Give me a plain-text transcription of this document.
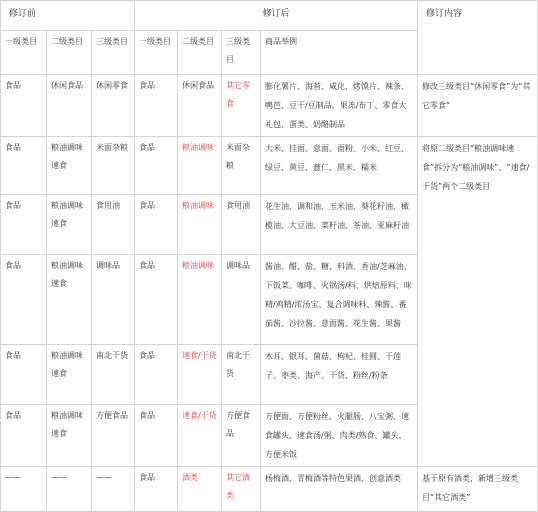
修订前			修订后				修订内容
一级类目	二级类目	三级类目	一级类目	二级类目	三级类目	商品举例	
食品	休闲食品	休闲零食	食品	休闲食品	其它零食	膨化薯片、海苔、咸化、烤馍片、辣条、鸭芭、豆干/豆制品、果冻/布丁、零食大礼包、蛋类、奶酪制品	修改三级类目“休闲零食”为“其它零食”
食品	粮油调味速食	米面杂粮	食品	粮油调味	米面杂粮	大米、挂面、意面、面粉、小米、红豆、绿豆、黄豆、薏仁、黑米、糯米	将原二级类目“粮油调味速食”拆分为“粮油调味”、“速食/干货”两个二级类目
食品	粮油调味速食	食用油	食品	粮油调味	食用油	花生油、调和油、玉米油、葵花籽油、橄榄油、大豆油、菜籽油、茶油、亚麻籽油	
食品	粮油调味速食	调味品	食品	粮油调味	调味品	酱油、醋、盐、糖、料酒、香油/芝麻油、下饭菜、咖啡、火锅汤/料、烘焙原料、味精/鸡精/浓汤宝、复合调味料、辣酱、番茄酱、沙拉酱、意面酱、花生酱、果酱	
食品	粮油调味速食	南北干货	食品	速食/干货	南北干货	木耳、银耳、菌菇、枸杞、桂圆、干莲子、枣类、海产、干货、粉丝/粉条	
食品	粮油调味速食	方便食品	食品	速食/干货	方便食品	方便面、方便粉丝、火腿肠、八宝粥、速食罐头、速食汤/粥、肉类/熟食、罐头、方便米饭	
——	——	——	食品	酒类	其它酒类	杨梅酒、青梅酒等特色果酒、创意酒类	基于原有酒类，新增三级类目“其它酒类”
